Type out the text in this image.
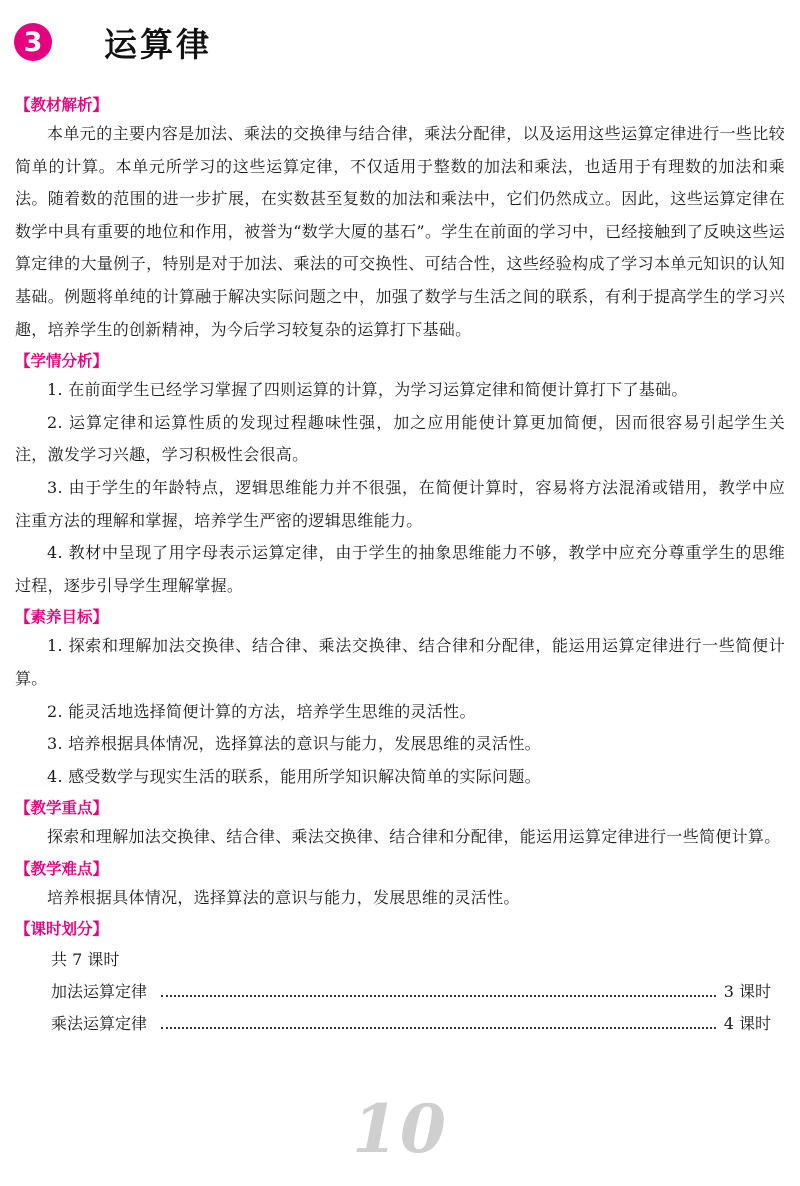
3 运算律
【教材解析】

本单元的主要内容是加法、乘法的交换律与结合律，乘法分配律，以及运用这些运算定律进行一些比较简单的计算。本单元所学习的这些运算定律，不仅适用于整数的加法和乘法，也适用于有理数的加法和乘法。随着数的范围的进一步扩展，在实数甚至复数的加法和乘法中，它们仍然成立。因此，这些运算定律在数学中具有重要的地位和作用，被誉为“数学大厦的基石”。学生在前面的学习中，已经接触到了反映这些运算定律的大量例子，特别是对于加法、乘法的可交换性、可结合性，这些经验构成了学习本单元知识的认知基础。例题将单纯的计算融于解决实际问题之中，加强了数学与生活之间的联系，有利于提高学生的学习兴趣，培养学生的创新精神，为今后学习较复杂的运算打下基础。

【学情分析】

1. 在前面学生已经学习掌握了四则运算的计算，为学习运算定律和简便计算打下了基础。

2. 运算定律和运算性质的发现过程趣味性强，加之应用能使计算更加简便，因而很容易引起学生关注，激发学习兴趣，学习积极性会很高。

3. 由于学生的年龄特点，逻辑思维能力并不很强，在简便计算时，容易将方法混淆或错用，教学中应注重方法的理解和掌握，培养学生严密的逻辑思维能力。

4. 教材中呈现了用字母表示运算定律，由于学生的抽象思维能力不够，教学中应充分尊重学生的思维过程，逐步引导学生理解掌握。

【素养目标】

1. 探索和理解加法交换律、结合律、乘法交换律、结合律和分配律，能运用运算定律进行一些简便计算。

2. 能灵活地选择简便计算的方法，培养学生思维的灵活性。

3. 培养根据具体情况，选择算法的意识与能力，发展思维的灵活性。

4. 感受数学与现实生活的联系，能用所学知识解决简单的实际问题。

【教学重点】

探索和理解加法交换律、结合律、乘法交换律、结合律和分配律，能运用运算定律进行一些简便计算。

【教学难点】

培养根据具体情况，选择算法的意识与能力，发展思维的灵活性。

【课时划分】
共 7 课时
加法运算定律	3 课时
乘法运算定律	4 课时
10
